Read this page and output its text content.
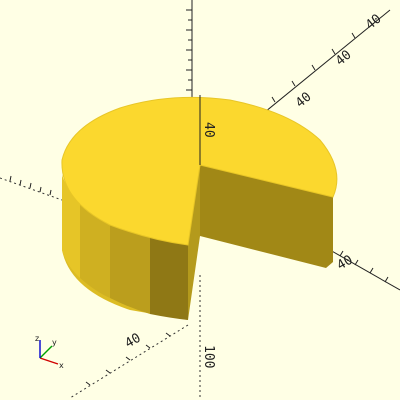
40
40
40
40
40
40
100
x
y
z
